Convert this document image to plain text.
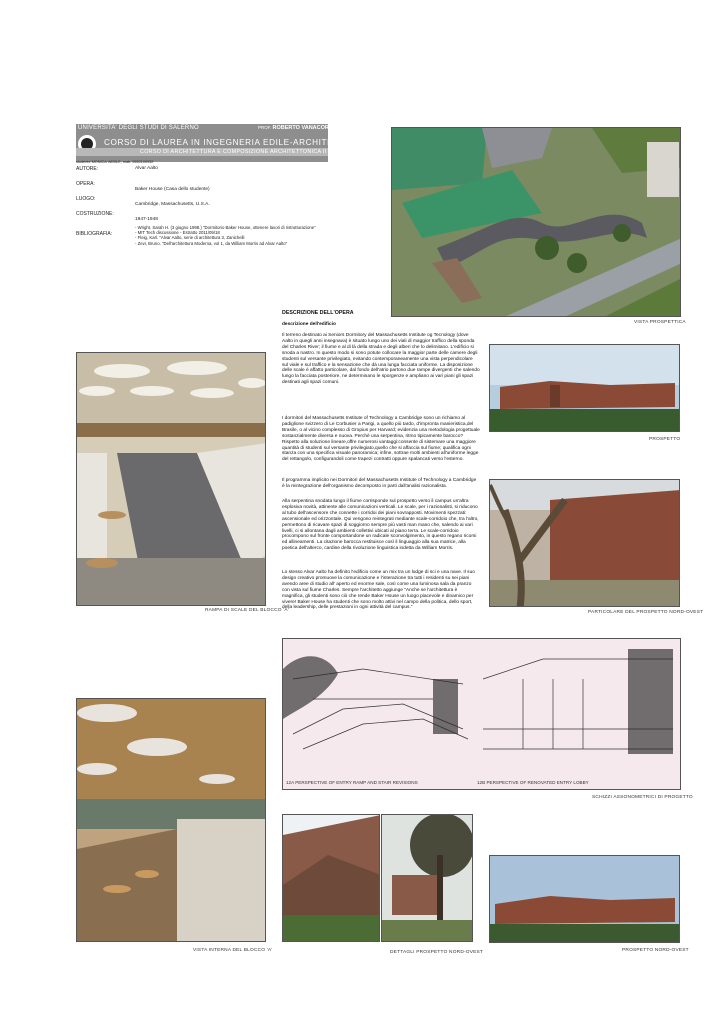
UNIVERSITA' DEGLI STUDI DI SALERNO	PROF. ROBERTO VANACORE
CORSO DI LAUREA IN INGEGNERIA EDILE-ARCHITETTURA
CORSO DI ARCHITETTURA E COMPOSIZIONE ARCHITETTONICA II
studente MONICA VASILE, matr. 0650100932
AUTORE:	Alvar Aalto
OPERA:

Baker House (Casa dello studente)
LUOGO:

Cambridge, Massachusetts, U.S.A.
COSTRUZIONE:

1947-1948
BIBLIOGRAFIA:
- Wright, Sarah H. (3 giugno 1998.) "Dormitorio Baker House, ottenere lavori di ristrutturazione"
- MIT Tech discussione - Estratto 2011/09/18
- Fleig, Karl. "Alvar Aalto, serie di architettura 3, Zanichelli
- Zevi, Bruno. "Dell'architettura Moderna, vol 1, da William Morris ad Alvar Aalto"
VISTA PROSPETTICA
RAMPA DI SCALE DEL BLOCCO 'A'
PROSPETTO
PARTICOLARE DEL PROSPETTO NORD-OVEST
DESCRIZIONE DELL'OPERA
descrizione dell'edificio
Il terreno destinato ai Seniors Dormitory del Massachusetts Institute og Tecnology (dove Aalto in quegli anni insegnava) è situato lungo uno dei viali di maggior traffico della sponda del Charles River; il fiume e al di là della strada e degli alberi che lo delimitano. L'edificio si snoda a nastro. In questo modo si sono potute collocare la maggior parte delle camere degli studenti sul versante privilegiato, evitando contemporaneamente una vista perpendicolare sul viale e sul traffico e la sensazione che dà una lunga facciata uniforme. La disposizione delle scale è affatto particolare, dal fondo dell'atrio partono due rampe divergenti che salendo lungo la facciata posteriore, ne determinano le sporgenze e ampliano ai vari piani gli spazi destinati agli spazi comuni.
I dormitori del Massachusetts Institute of Technology a Cambridge sono un richiamo al padiglione svizzero di Le Corbusier a Parigi, a quello più tardo, d'impronta manieristica,del Brasile, o al vicino complesso di Gropius per Harvard; evidenzia una metodologia progettuale sostanzialmente diversa e nuova. Perchè una serpentina, ritmo tipicamente barocco? Rispetto alla soluzione lineare,offre numerosi vantaggi:consente di sistemare una maggiore quantità di studenti sul versante privilegiato,quello che si affaccia sul fiume; qualifica ogni stanza con una specifica visuale panoramica; infine, sottrae molti ambienti all'uniforme legge del rettangolo, configurandoli come trapezi contratti oppure spalancati verso l'esterno.
Il programma implicito nei Dormitori del Massachusetts Institute of Technology a Cambridge è la reintegrazione dell'organismo decomposto in parti dall'analisi razionalista.
Alla serpentina snodata lungo il fiume corrisponde sul prospetto verso il campus un'altra esplosiva novità, attinente alle comunicazioni verticali. Le scale, per i razionalisti, si riducono al tubo dell'ascensore che connette i corridoi dei piani sovrapposti. Movimenti spezzati: ascensionale ed orizzontale. Qui vengono reintegrati mediante scale-corridoio che, tra l'altro, permettono di ricavare spazi di soggiorno sempre più vasti man mano che, salendo ai vari livelli, ci si allontana dagli ambienti collettivi ubicati al piano terra. Le scale-corridoio procompono sul fronte comportandone un radicale sconvolgimento, in questo regano ricorsi ed allineamenti. La citazione barocca restituisce così il linguaggio alla sua matrice, alla poetica dell'alterco, cardine della rivoluzione linguistica indetta da William Morris.
Lo stesso Alvar Aalto ha definito l'edificio come un mix tra un lodge di sci e una nave. Il suo design creativo promuove la comunicazione e l'interazione tra tutti i residenti su sei piani avendo aree di studio all' aperto ed enorme sale, così come una luminosa sala da pranzo con vista sul fiume Charles. Sempre l'architetto aggiunge "Anche se l'architettura è magnifica, gli studenti sono ciò che rende Baker House un luogo piacevole e dinamico per vivere! Baker House ha studenti che sono molto attivi nel campo della politica, dello sport, della leadership, delle prestazioni in ogni attività del campus."
12A PERSPECTIVE OF ENTRY RAMP AND STAIR REVISIONS	12B PERSPECTIVE OF RENOVATED ENTRY LOBBY
SCHIZZI ASSONOMETRICI DI PROGETTO
VISTA INTERNA DEL BLOCCO 'A'	DETTAGLI PROSPETTO NORD-OVEST	PROSPETTO NORD-OVEST
